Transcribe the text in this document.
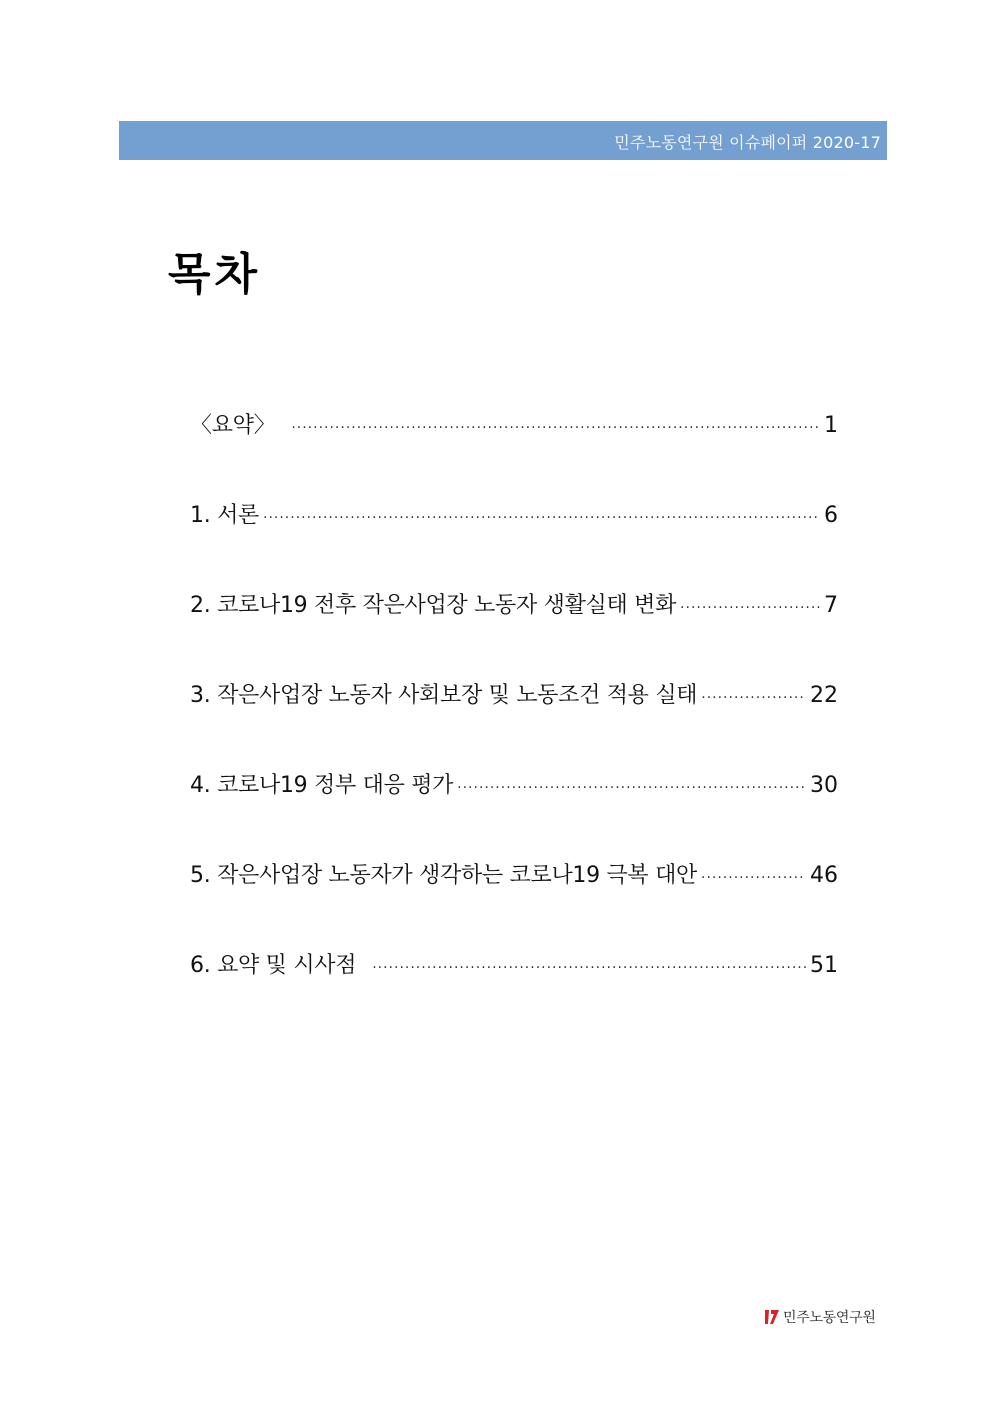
민주노동연구원 이슈페이퍼 2020-17
목차
〈요약〉 ·····	1
1. 서론 ·····	6
2. 코로나19 전후 작은사업장 노동자 생활실태 변화 ·····	7
3. 작은사업장 노동자 사회보장 및 노동조건 적용 실태 ·····	22
4. 코로나19 정부 대응 평가 ·····	30
5. 작은사업장 노동자가 생각하는 코로나19 극복 대안 ·····	46
6. 요약 및 시사점 ·····	51
민주노동연구원
